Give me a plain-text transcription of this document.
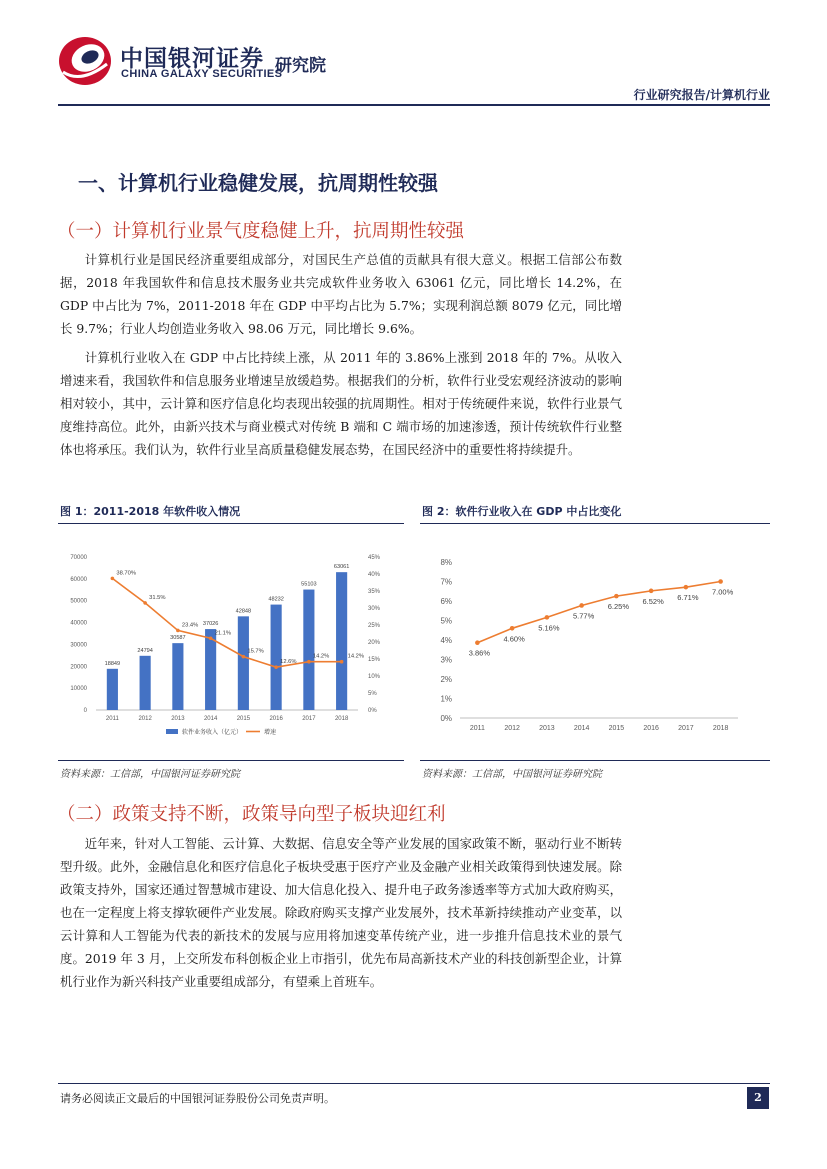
中国银河证券
CHINA GALAXY SECURITIES
研究院
行业研究报告/计算机行业
一、计算机行业稳健发展，抗周期性较强
（一）计算机行业景气度稳健上升，抗周期性较强
计算机行业是国民经济重要组成部分，对国民生产总值的贡献具有很大意义。根据工信部公布数据，2018 年我国软件和信息技术服务业共完成软件业务收入 63061 亿元，同比增长 14.2%，在 GDP 中占比为 7%，2011-2018 年在 GDP 中平均占比为 5.7%；实现利润总额 8079 亿元，同比增长 9.7%；行业人均创造业务收入 98.06 万元，同比增长 9.6%。
计算机行业收入在 GDP 中占比持续上涨，从 2011 年的 3.86%上涨到 2018 年的 7%。从收入增速来看，我国软件和信息服务业增速呈放缓趋势。根据我们的分析，软件行业受宏观经济波动的影响相对较小，其中，云计算和医疗信息化均表现出较强的抗周期性。相对于传统硬件来说，软件行业景气度维持高位。此外，由新兴技术与商业模式对传统 B 端和 C 端市场的加速渗透，预计传统软件行业整体也将承压。我们认为，软件行业呈高质量稳健发展态势，在国民经济中的重要性将持续提升。
图 1：2011-2018 年软件收入情况	图 2：软件行业收入在 GDP 中占比变化
0
10000
20000
30000
40000
50000
60000
70000
0%
5%
10%
15%
20%
25%
30%
35%
40%
45%
18849
2011
24794
2012
30587
2013
37026
2014
42848
2015
48232
2016
55103
2017
63061
2018
38.70%
31.5%
23.4%
21.1%
15.7%
12.6%
14.2%	14.2%
软件业务收入（亿元）	增速
0%
1%
2%
3%
4%
5%
6%
7%
8%
2011	2012	2013	2014	2015	2016	2017	2018
3.86%
4.60%
5.16%
5.77%
6.25%
6.52% 6.71%
7.00%
资料来源：工信部，中国银河证券研究院	资料来源：工信部，中国银河证券研究院
（二）政策支持不断，政策导向型子板块迎红利
近年来，针对人工智能、云计算、大数据、信息安全等产业发展的国家政策不断，驱动行业不断转型升级。此外，金融信息化和医疗信息化子板块受惠于医疗产业及金融产业相关政策得到快速发展。除政策支持外，国家还通过智慧城市建设、加大信息化投入、提升电子政务渗透率等方式加大政府购买，也在一定程度上将支撑软硬件产业发展。除政府购买支撑产业发展外，技术革新持续推动产业变革，以云计算和人工智能为代表的新技术的发展与应用将加速变革传统产业，进一步推升信息技术业的景气度。2019 年 3 月，上交所发布科创板企业上市指引，优先布局高新技术产业的科技创新型企业，计算机行业作为新兴科技产业重要组成部分，有望乘上首班车。
请务必阅读正文最后的中国银河证券股份公司免责声明。	2
